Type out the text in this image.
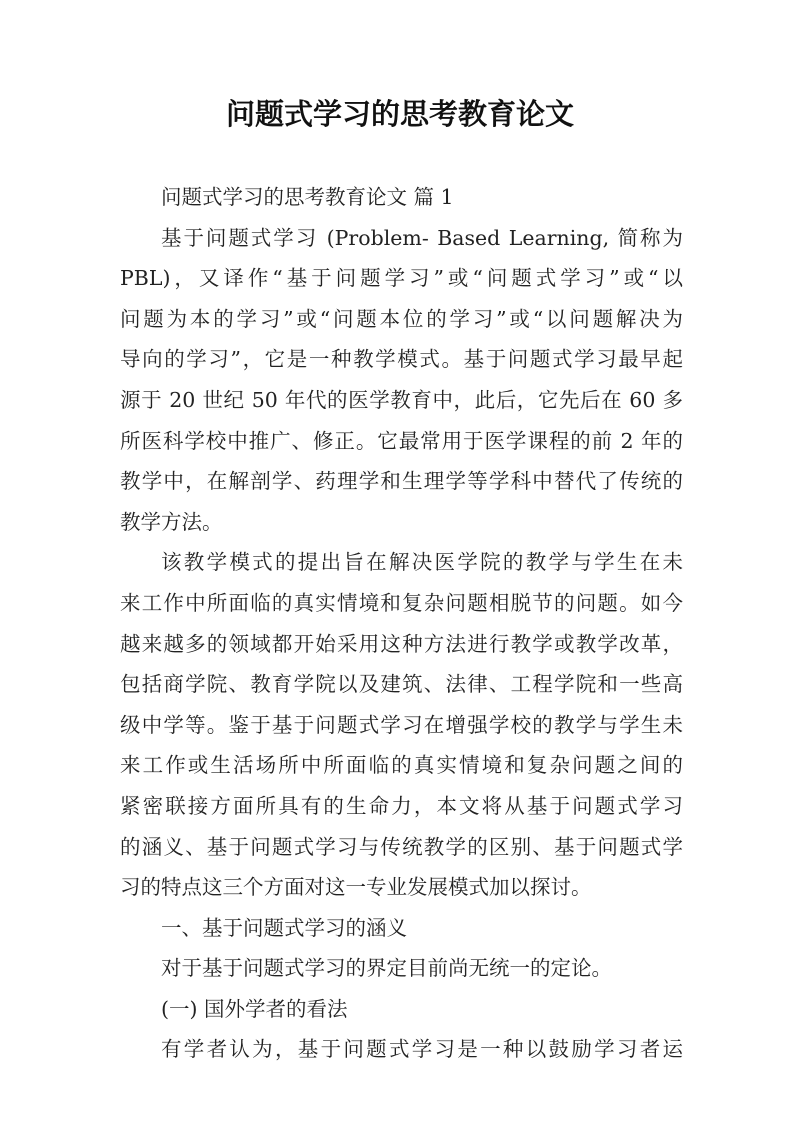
问题式学习的思考教育论文
问题式学习的思考教育论文 篇 1
基于问题式学习 (Problem- Based Learning, 简称为
PBL)，又译作“基于问题学习”或“问题式学习”或“以
问题为本的学习”或“问题本位的学习”或“以问题解决为
导向的学习”，它是一种教学模式。基于问题式学习最早起
源于 20 世纪 50 年代的医学教育中，此后，它先后在 60 多
所医科学校中推广、修正。它最常用于医学课程的前 2 年的
教学中，在解剖学、药理学和生理学等学科中替代了传统的
教学方法。
该教学模式的提出旨在解决医学院的教学与学生在未
来工作中所面临的真实情境和复杂问题相脱节的问题。如今
越来越多的领域都开始采用这种方法进行教学或教学改革，
包括商学院、教育学院以及建筑、法律、工程学院和一些高
级中学等。鉴于基于问题式学习在增强学校的教学与学生未
来工作或生活场所中所面临的真实情境和复杂问题之间的
紧密联接方面所具有的生命力，本文将从基于问题式学习
的涵义、基于问题式学习与传统教学的区别、基于问题式学
习的特点这三个方面对这一专业发展模式加以探讨。
一、基于问题式学习的涵义
对于基于问题式学习的界定目前尚无统一的定论。
(一) 国外学者的看法
有学者认为，基于问题式学习是一种以鼓励学习者运
